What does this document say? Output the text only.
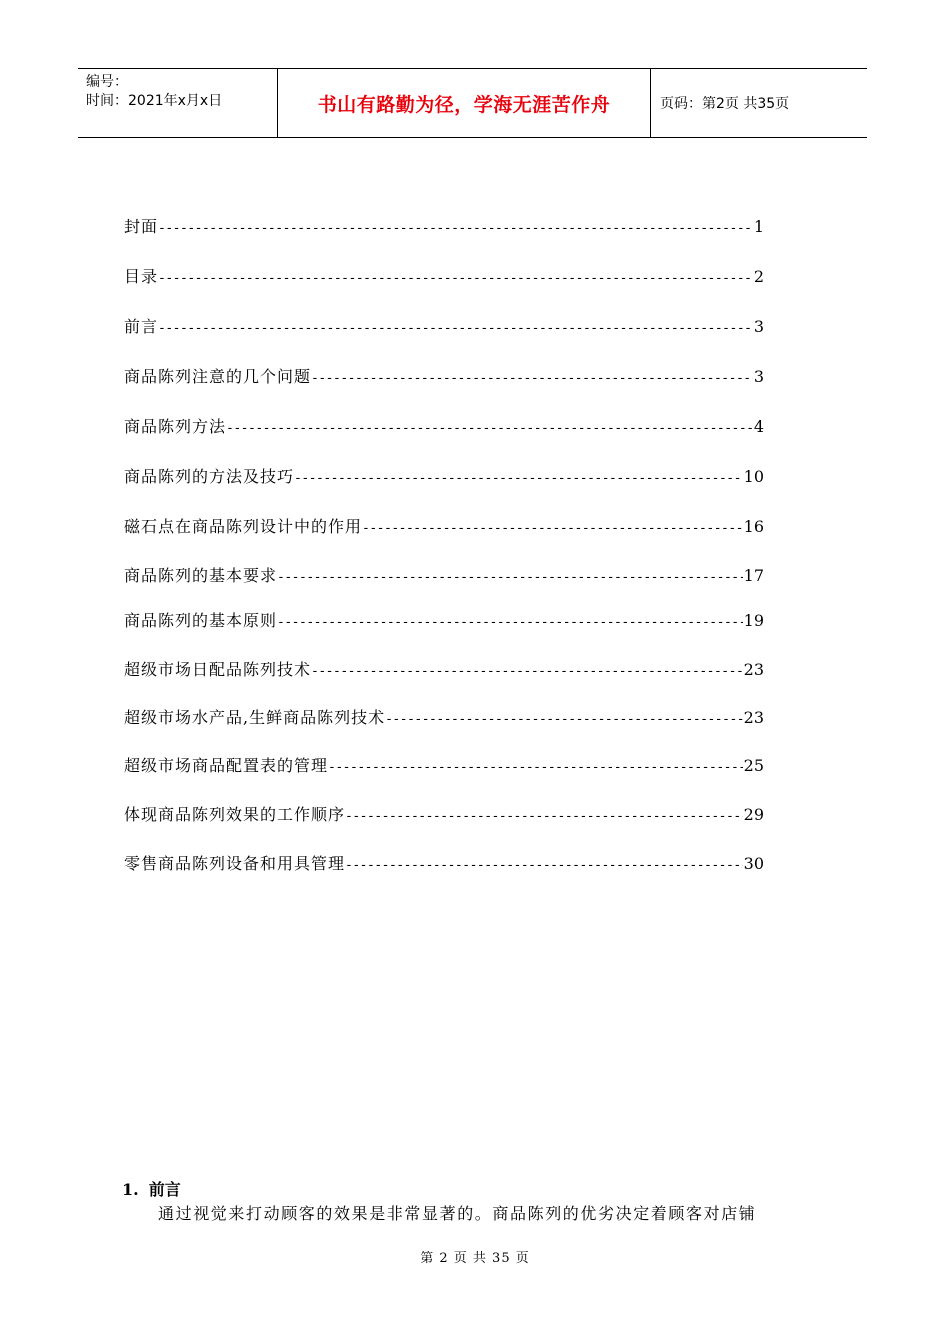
编号：
时间：2021年x月x日	书山有路勤为径，学海无涯苦作舟	页码：第2页 共35页
封面 -----	1
目录 -----	2
前言 -----	3
商品陈列注意的几个问题 -----	3
商品陈列方法 -----	4
商品陈列的方法及技巧 -----	10
磁石点在商品陈列设计中的作用 -----	16
商品陈列的基本要求 -----	17
商品陈列的基本原则 -----	19
超级市场日配品陈列技术 -----	23
超级市场水产品,生鲜商品陈列技术 -----	23
超级市场商品配置表的管理 -----	25
体现商品陈列效果的工作顺序 -----	29
零售商品陈列设备和用具管理 -----	30
1. 前言
通过视觉来打动顾客的效果是非常显著的。商品陈列的优劣决定着顾客对店铺
第 2 页 共 35 页
